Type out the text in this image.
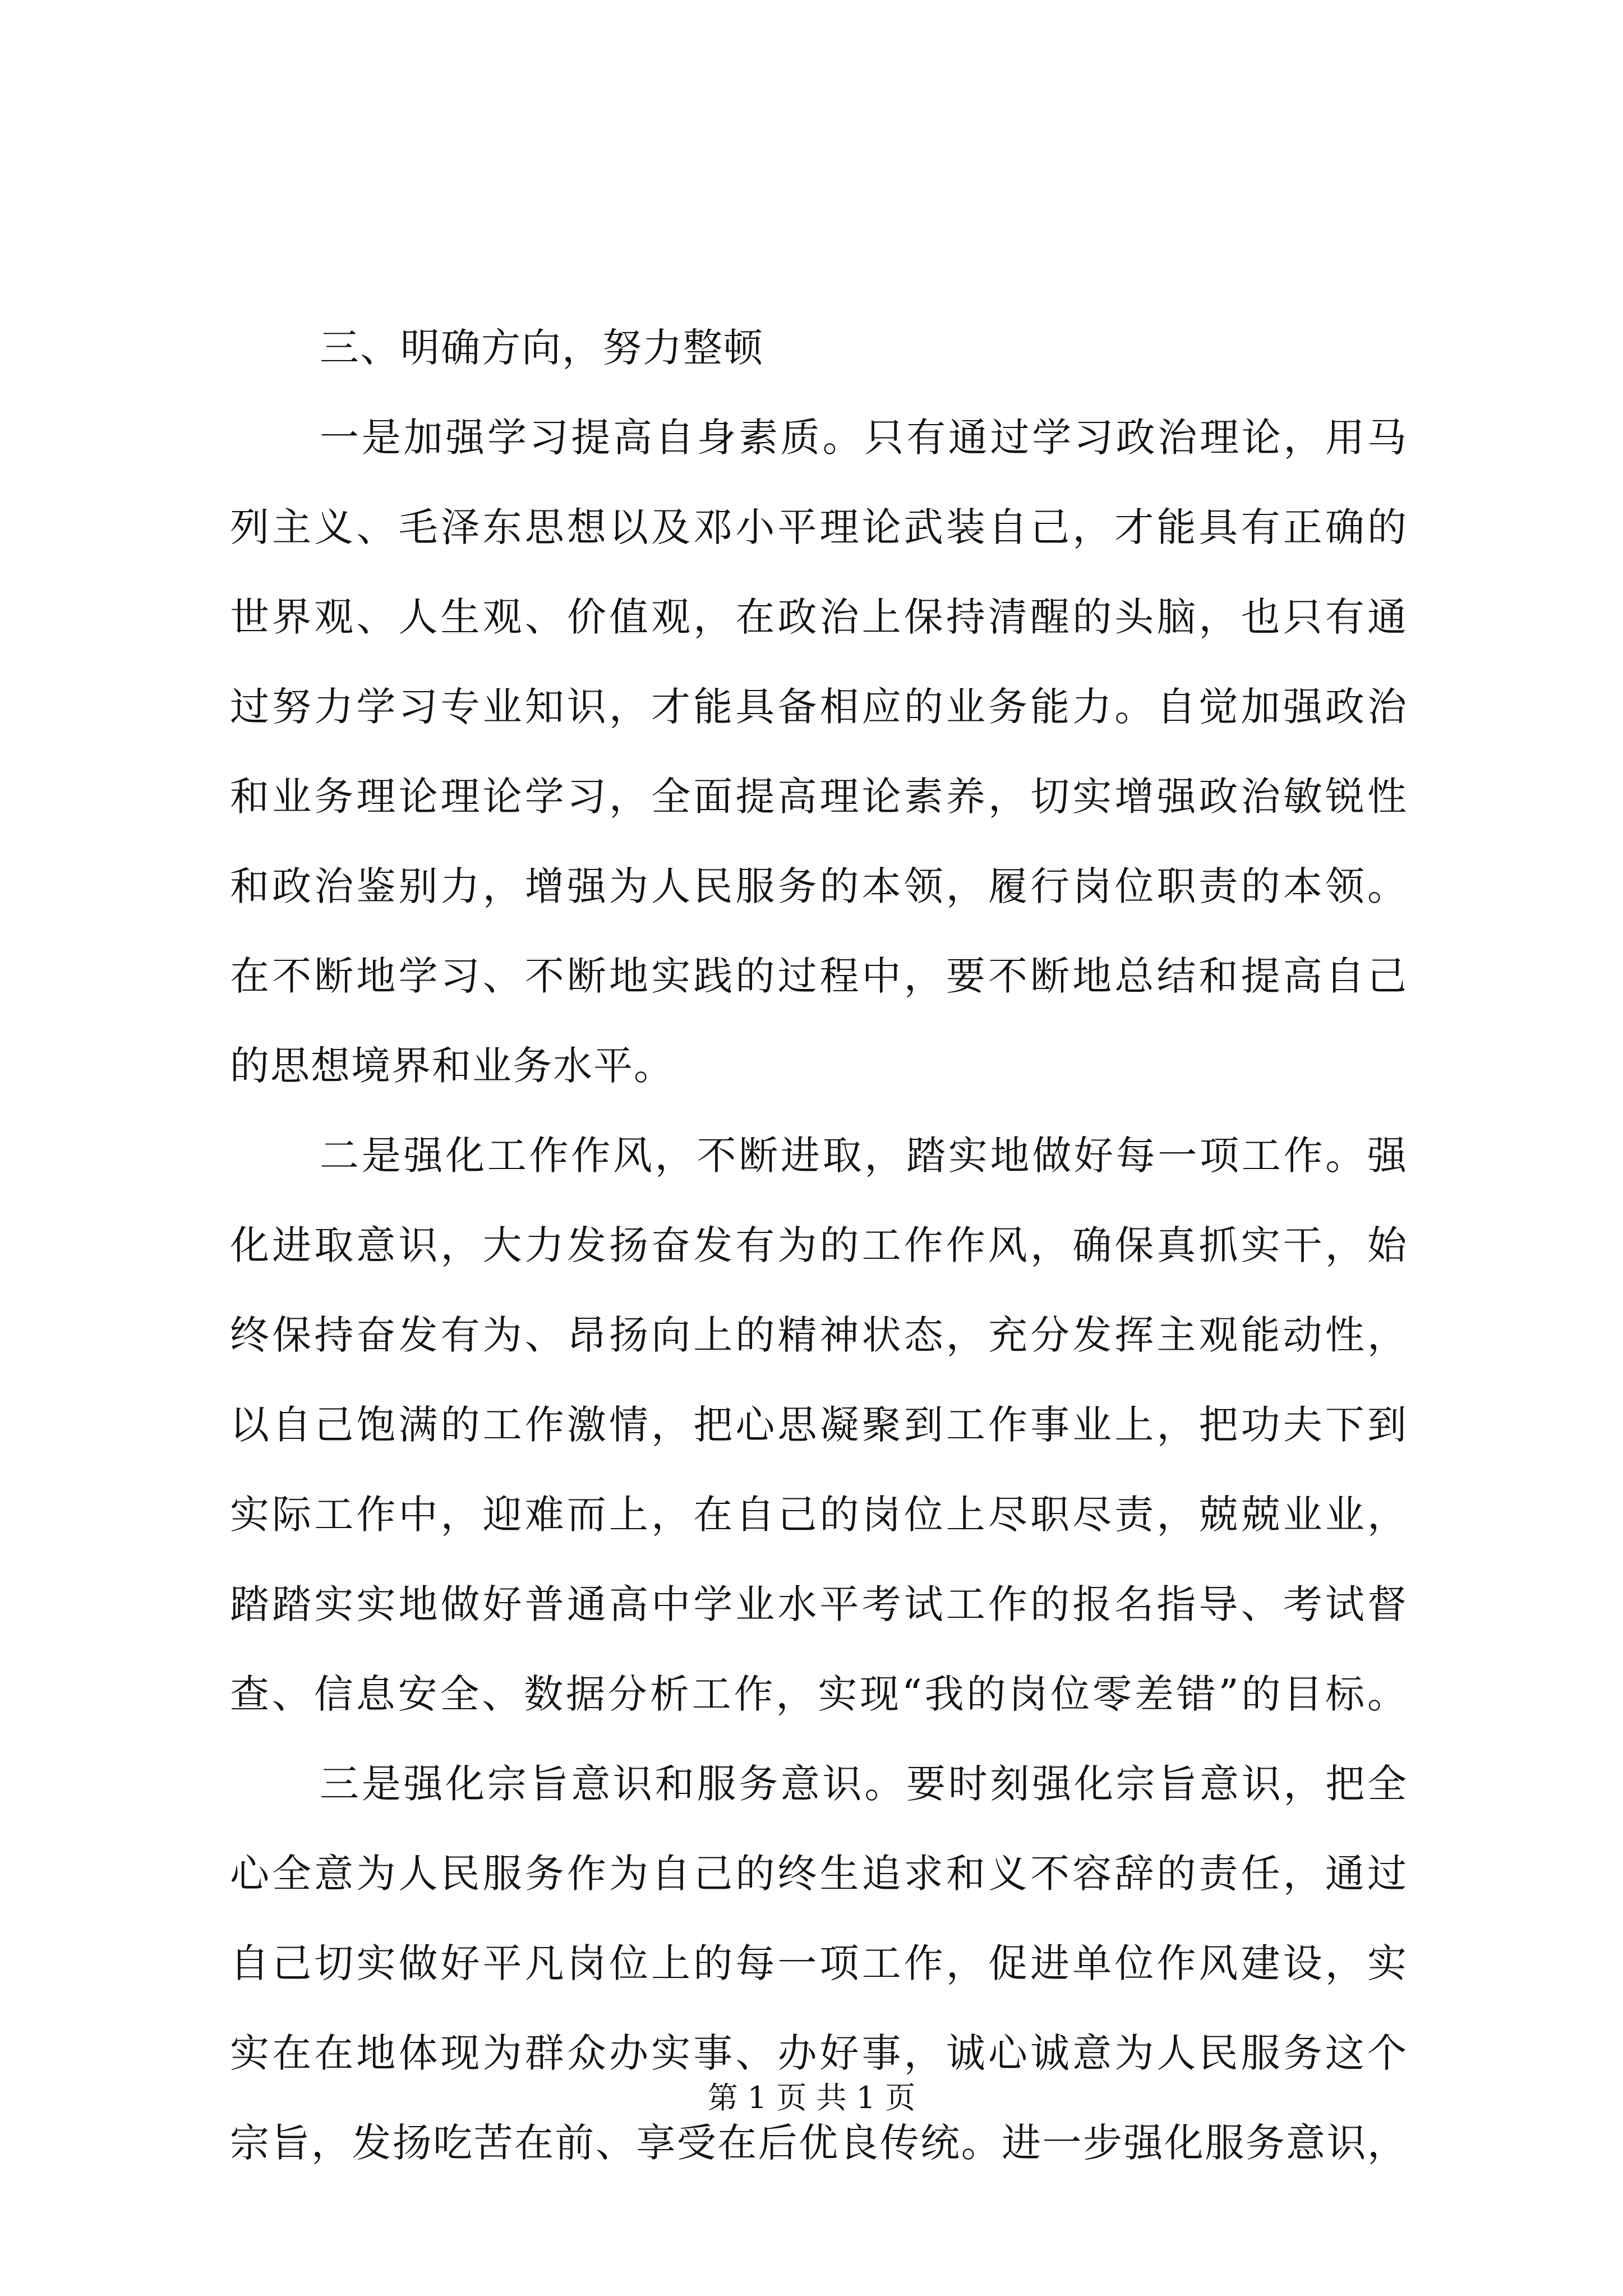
三、明确方向，努力整顿
一是加强学习提高自身素质。只有通过学习政治理论，用马
列主义、毛泽东思想以及邓小平理论武装自己，才能具有正确的
世界观、人生观、价值观，在政治上保持清醒的头脑，也只有通
过努力学习专业知识，才能具备相应的业务能力。自觉加强政治
和业务理论理论学习，全面提高理论素养，切实增强政治敏锐性
和政治鉴别力，增强为人民服务的本领，履行岗位职责的本领。
在不断地学习、不断地实践的过程中，要不断地总结和提高自己
的思想境界和业务水平。
二是强化工作作风，不断进取，踏实地做好每一项工作。强
化进取意识，大力发扬奋发有为的工作作风，确保真抓实干，始
终保持奋发有为、昂扬向上的精神状态，充分发挥主观能动性，
以自己饱满的工作激情，把心思凝聚到工作事业上，把功夫下到
实际工作中，迎难而上，在自己的岗位上尽职尽责，兢兢业业，
踏踏实实地做好普通高中学业水平考试工作的报名指导、考试督
查、信息安全、数据分析工作，实现“我的岗位零差错”的目标。
三是强化宗旨意识和服务意识。要时刻强化宗旨意识，把全
心全意为人民服务作为自己的终生追求和义不容辞的责任，通过
自己切实做好平凡岗位上的每一项工作，促进单位作风建设，实
实在在地体现为群众办实事、办好事，诚心诚意为人民服务这个
宗旨，发扬吃苦在前、享受在后优良传统。进一步强化服务意识，
第 1 页 共 1 页
